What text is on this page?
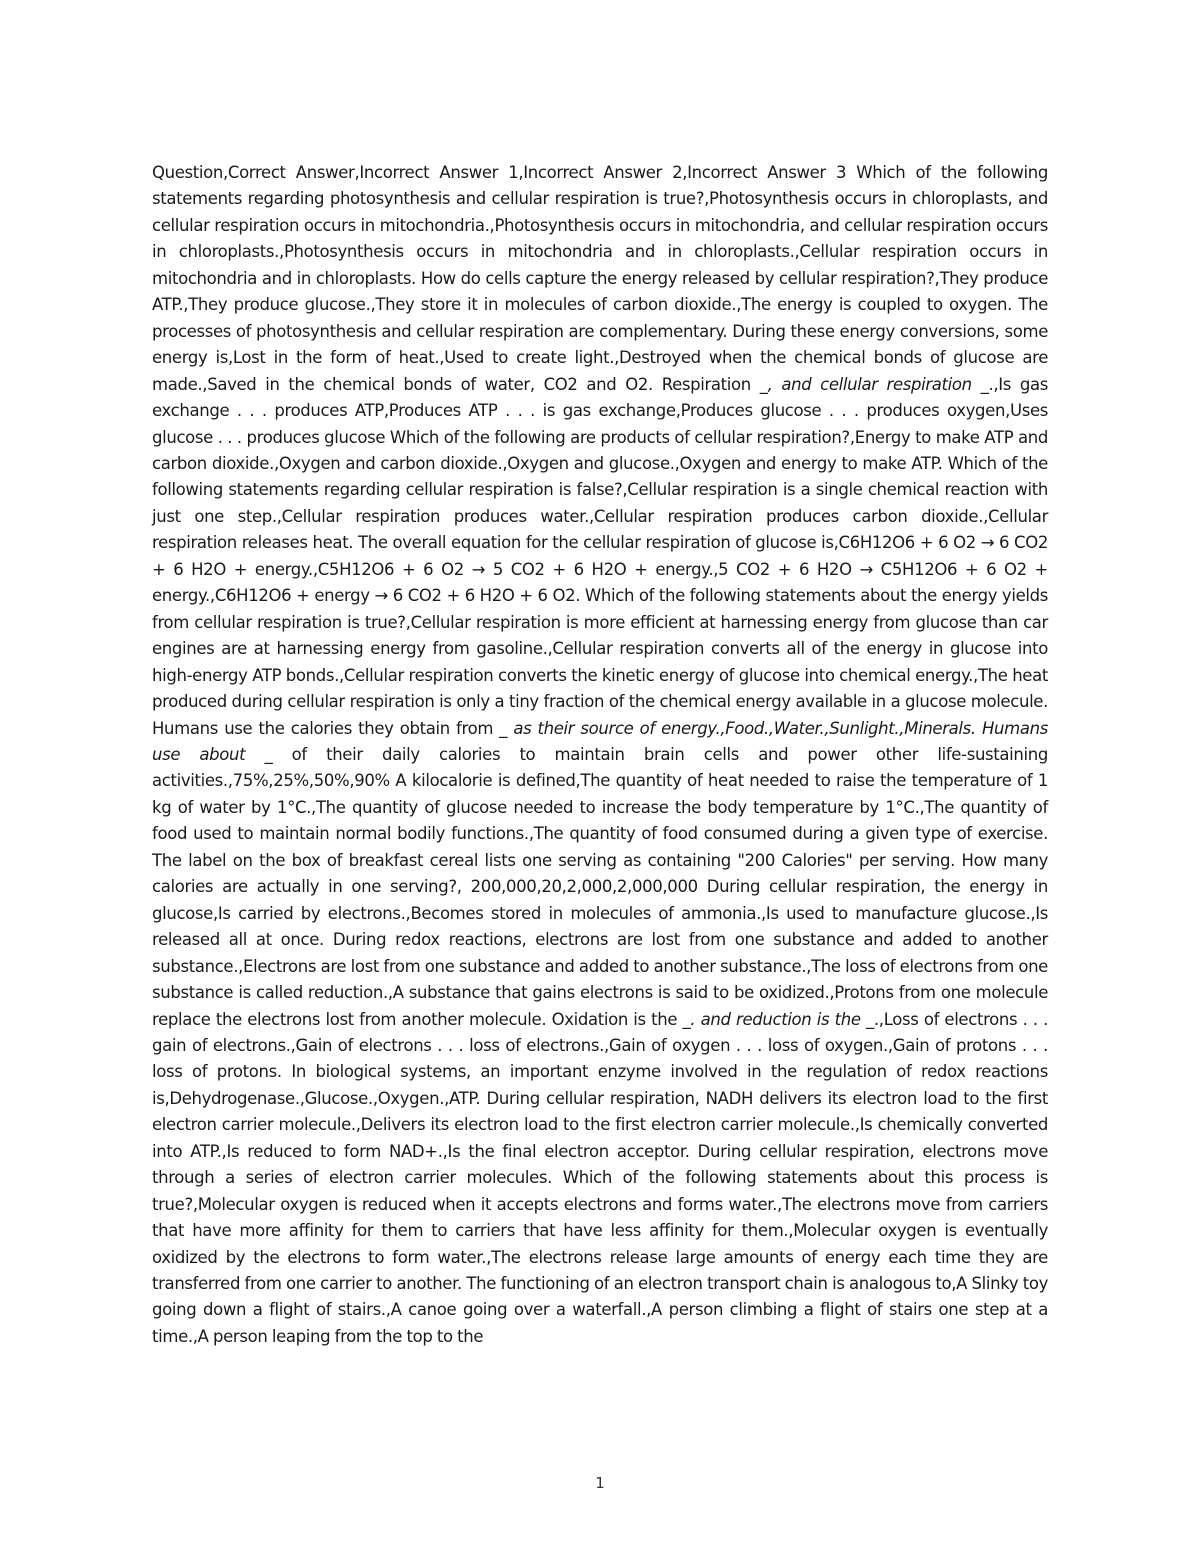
Question,Correct Answer,Incorrect Answer 1,Incorrect Answer 2,Incorrect Answer 3 Which of the following statements regarding photosynthesis and cellular respiration is true?,Photosynthesis occurs in chloroplasts, and cellular respiration occurs in mitochondria.,Photosynthesis occurs in mitochondria, and cellular respiration occurs in chloroplasts.,Photosynthesis occurs in mitochondria and in chloroplasts.,Cellular respiration occurs in mitochondria and in chloroplasts. How do cells capture the energy released by cellular respiration?,They produce ATP.,They produce glucose.,They store it in molecules of carbon dioxide.,The energy is coupled to oxygen. The processes of photosynthesis and cellular respiration are complementary. During these energy conversions, some energy is,Lost in the form of heat.,Used to create light.,Destroyed when the chemical bonds of glucose are made.,Saved in the chemical bonds of water, CO2 and O2. Respiration _, and cellular respiration _.,Is gas exchange . . . produces ATP,Produces ATP . . . is gas exchange,Produces glucose . . . produces oxygen,Uses glucose . . . produces glucose Which of the following are products of cellular respiration?,Energy to make ATP and carbon dioxide.,Oxygen and carbon dioxide.,Oxygen and glucose.,Oxygen and energy to make ATP. Which of the following statements regarding cellular respiration is false?,Cellular respiration is a single chemical reaction with just one step.,Cellular respiration produces water.,Cellular respiration produces carbon dioxide.,Cellular respiration releases heat. The overall equation for the cellular respiration of glucose is,C6H12O6 + 6 O2 → 6 CO2 + 6 H2O + energy.,C5H12O6 + 6 O2 → 5 CO2 + 6 H2O + energy.,5 CO2 + 6 H2O → C5H12O6 + 6 O2 + energy.,C6H12O6 + energy → 6 CO2 + 6 H2O + 6 O2. Which of the following statements about the energy yields from cellular respiration is true?,Cellular respiration is more efficient at harnessing energy from glucose than car engines are at harnessing energy from gasoline.,Cellular respiration converts all of the energy in glucose into high-energy ATP bonds.,Cellular respiration converts the kinetic energy of glucose into chemical energy.,The heat produced during cellular respiration is only a tiny fraction of the chemical energy available in a glucose molecule. Humans use the calories they obtain from _ as their source of energy.,Food.,Water.,Sunlight.,Minerals. Humans use about _ of their daily calories to maintain brain cells and power other life-sustaining activities.,75%,25%,50%,90% A kilocalorie is defined,The quantity of heat needed to raise the temperature of 1 kg of water by 1°C.,The quantity of glucose needed to increase the body temperature by 1°C.,The quantity of food used to maintain normal bodily functions.,The quantity of food consumed during a given type of exercise. The label on the box of breakfast cereal lists one serving as containing "200 Calories" per serving. How many calories are actually in one serving?, 200,000,20,2,000,2,000,000 During cellular respiration, the energy in glucose,Is carried by electrons.,Becomes stored in molecules of ammonia.,Is used to manufacture glucose.,Is released all at once. During redox reactions, electrons are lost from one substance and added to another substance.,Electrons are lost from one substance and added to another substance.,The loss of electrons from one substance is called reduction.,A substance that gains electrons is said to be oxidized.,Protons from one molecule replace the electrons lost from another molecule. Oxidation is the _. and reduction is the _.,Loss of electrons . . . gain of electrons.,Gain of electrons . . . loss of electrons.,Gain of oxygen . . . loss of oxygen.,Gain of protons . . . loss of protons. In biological systems, an important enzyme involved in the regulation of redox reactions is,Dehydrogenase.,Glucose.,Oxygen.,ATP. During cellular respiration, NADH delivers its electron load to the first electron carrier molecule.,Delivers its electron load to the first electron carrier molecule.,Is chemically converted into ATP.,Is reduced to form NAD+.,Is the final electron acceptor. During cellular respiration, electrons move through a series of electron carrier molecules. Which of the following statements about this process is true?,Molecular oxygen is reduced when it accepts electrons and forms water.,The electrons move from carriers that have more affinity for them to carriers that have less affinity for them.,Molecular oxygen is eventually oxidized by the electrons to form water.,The electrons release large amounts of energy each time they are transferred from one carrier to another. The functioning of an electron transport chain is analogous to,A Slinky toy going down a flight of stairs.,A canoe going over a waterfall.,A person climbing a flight of stairs one step at a time.,A person leaping from the top to the

1
